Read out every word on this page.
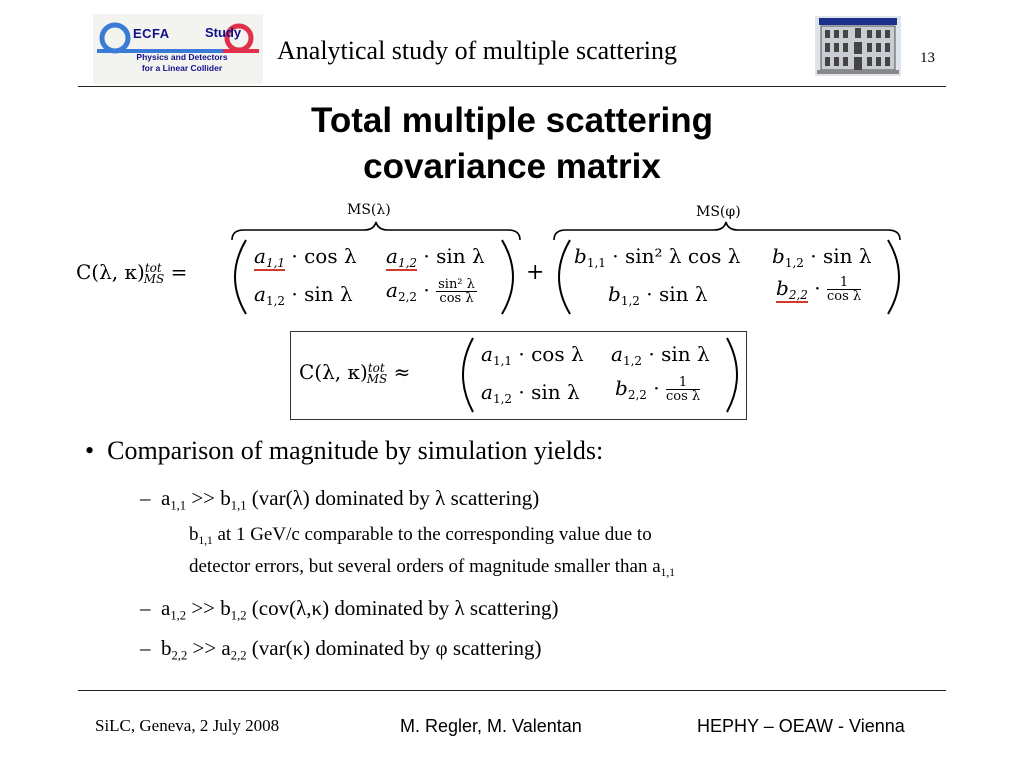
ECFA	Study
Physics and Detectors
for a Linear Collider
Analytical study of multiple scattering	13
Total multiple scattering
covariance matrix
MS(λ)	MS(φ)
C(λ, κ)$^{tot}_{MS}$ =
$a_{1,1} \cdot \cos \lambda$ $a_{1,2} \cdot \sin \lambda$
$a_{1,2} \cdot \sin \lambda$ $a_{2,2} \cdot \frac{\text{sin² λ}}{\text{cos λ}}$
+
$b_{1,1} \cdot \sin^2$ λ cos λ $b_{1,2} \cdot \sin \lambda$
$b_{1,2} \cdot \sin \lambda$	$b_{2,2} \cdot \frac{1}{\text{cos λ}}$
C(λ, κ)$^{tot}_{MS}$ ≈
$a_{1,1} \cdot \cos \lambda$ $a_{1,2} \cdot \sin \lambda$
$a_{1,2} \cdot \sin \lambda$ $b_{2,2} \cdot \frac{1}{\text{cos λ}}$
• Comparison of magnitude by simulation yields:
– $a_{1,1} >> b_{1,1}$ (var(λ) dominated by λ scattering)
$b_{1,1}$ at 1 GeV/c comparable to the corresponding value due to
detector errors, but several orders of magnitude smaller than $a_{1,1}$
– $a_{1,2} >> b_{1,2}$ (cov(λ,κ) dominated by λ scattering)
– $b_{2,2} >> a_{2,2}$ (var(κ) dominated by φ scattering)
SiLC, Geneva, 2 July 2008	M. Regler, M. Valentan	HEPHY – OEAW - Vienna
